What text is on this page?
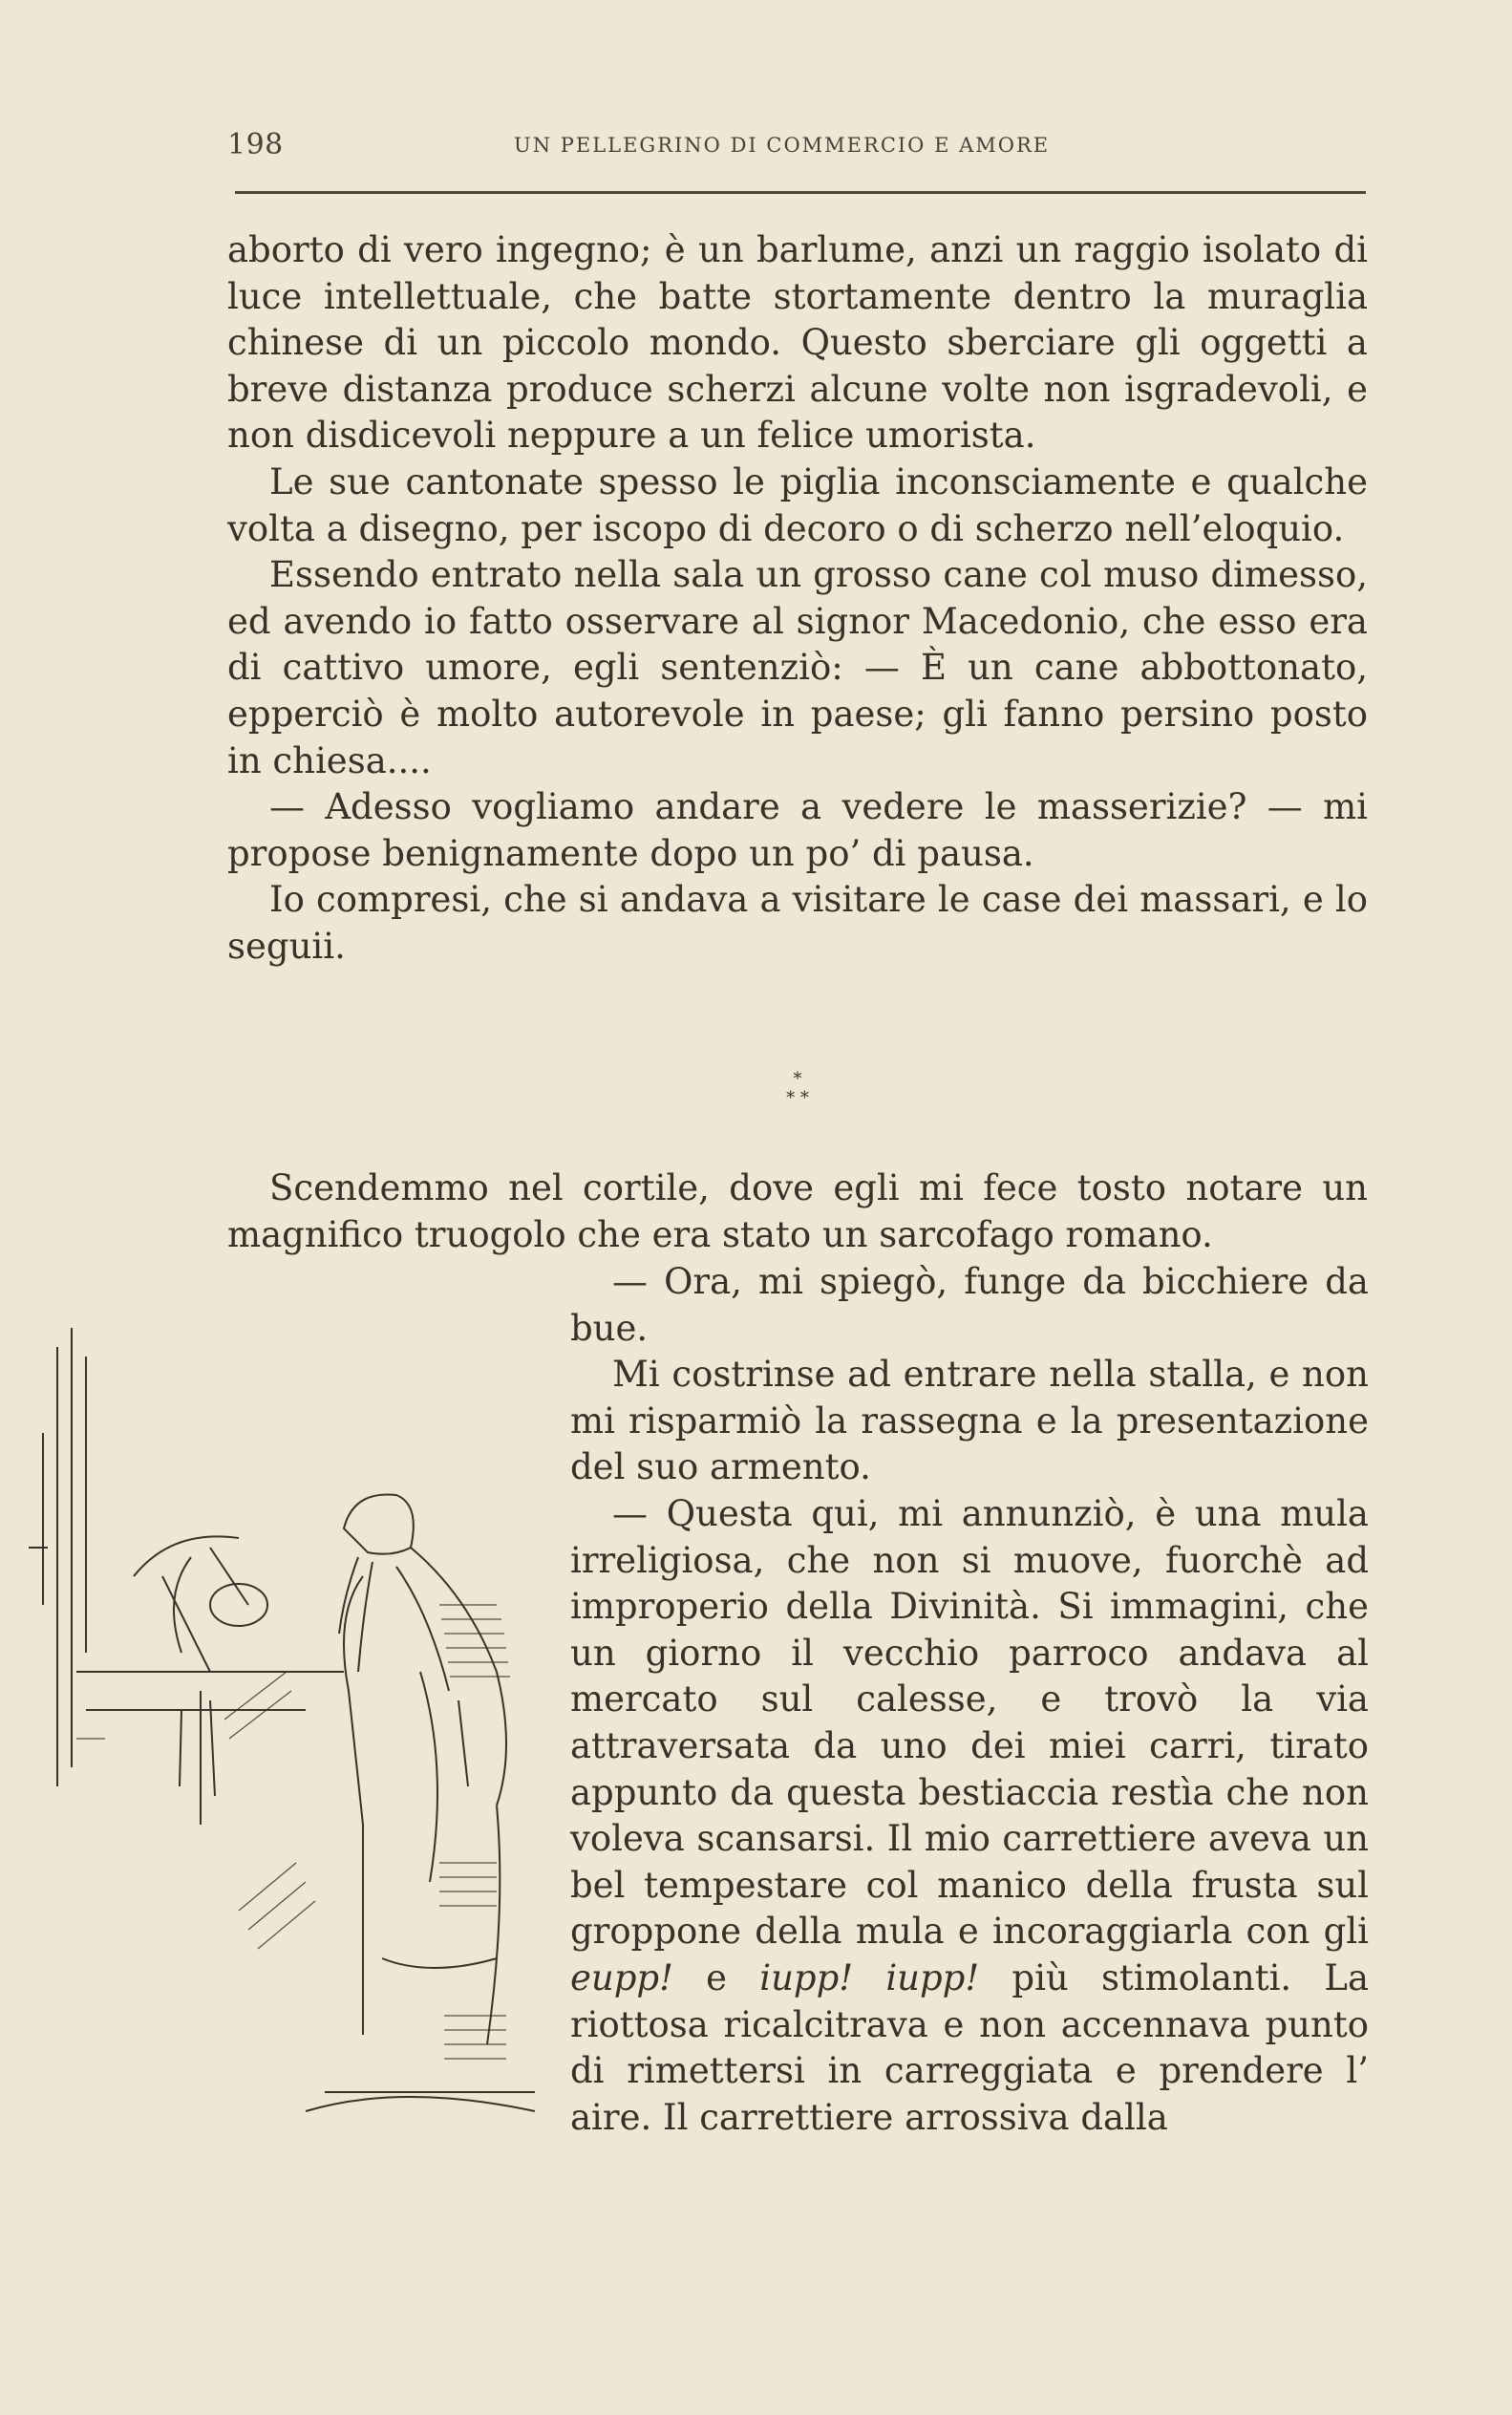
198	UN PELLEGRINO DI COMMERCIO E AMORE

aborto di vero ingegno; è un barlume, anzi un raggio isolato di luce intellettuale, che batte stortamente dentro la muraglia chinese di un piccolo mondo. Questo sberciare gli oggetti a breve distanza produce scherzi alcune volte non isgradevoli, e non disdicevoli neppure a un felice umorista.

Le sue cantonate spesso le piglia inconsciamente e qualche volta a disegno, per iscopo di decoro o di scherzo nell’eloquio.

Essendo entrato nella sala un grosso cane col muso dimesso, ed avendo io fatto osservare al signor Macedonio, che esso era di cattivo umore, egli sentenziò: — È un cane abbottonato, epperciò è molto autorevole in paese; gli fanno persino posto in chiesa....

— Adesso vogliamo andare a vedere le masserizie? — mi propose benignamente dopo un po’ di pausa.

Io compresi, che si andava a visitare le case dei massari, e lo seguii.

*
* *

Scendemmo nel cortile, dove egli mi fece tosto notare un magnifico truogolo che era stato un sarcofago romano.

— Ora, mi spiegò, funge da bicchiere da bue.

Mi costrinse ad entrare nella stalla, e non mi risparmiò la rassegna e la presentazione del suo armento.

— Questa qui, mi annunziò, è una mula irreligiosa, che non si muove, fuorchè ad improperio della Divinità. Si immagini, che un giorno il vecchio parroco andava al mercato sul calesse, e trovò la via attraversata da uno dei miei carri, tirato appunto da questa bestiaccia restìa che non voleva scansarsi. Il mio carrettiere aveva un bel tempestare col manico della frusta sul groppone della mula e incoraggiarla con gli eupp! e iupp! iupp! più stimolanti. La riottosa ricalcitrava e non accennava punto di rimettersi in carreggiata e prendere l’ aire. Il carrettiere arrossiva dalla
